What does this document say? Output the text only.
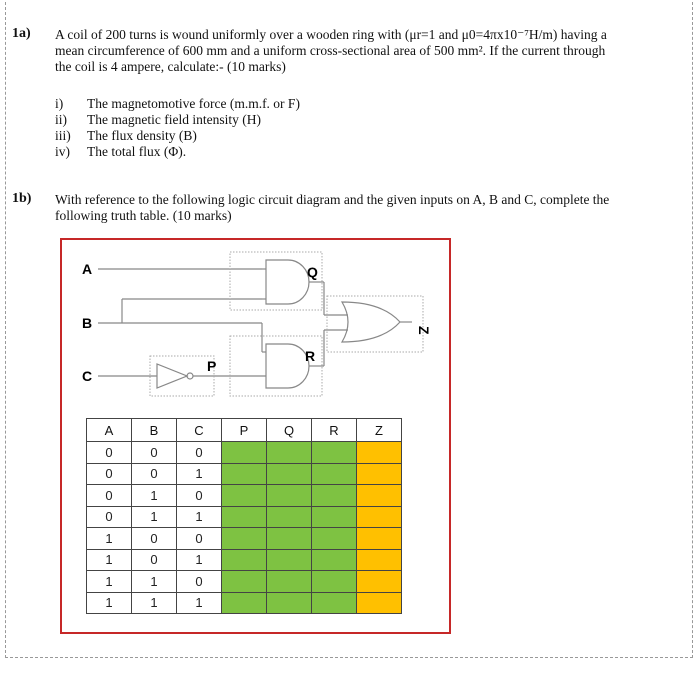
1a) A coil of 200 turns is wound uniformly over a wooden ring with (μr=1 and μ0=4πx10⁻⁷H/m) having a
mean circumference of 600 mm and a uniform cross-sectional area of 500 mm². If the current through
the coil is 4 ampere, calculate:- (10 marks)
i) The magnetomotive force (m.m.f. or F)
ii) The magnetic field intensity (H)
iii) The flux density (B)
iv) The total flux (Φ).
1b) With reference to the following logic circuit diagram and the given inputs on A, B and C, complete the
following truth table. (10 marks)
A
B
C
P
Q
R
Z
A	B	C	P	Q	R	Z
0	0	0				
0	0	1				
0	1	0				
0	1	1				
1	0	0				
1	0	1				
1	1	0				
1	1	1				
